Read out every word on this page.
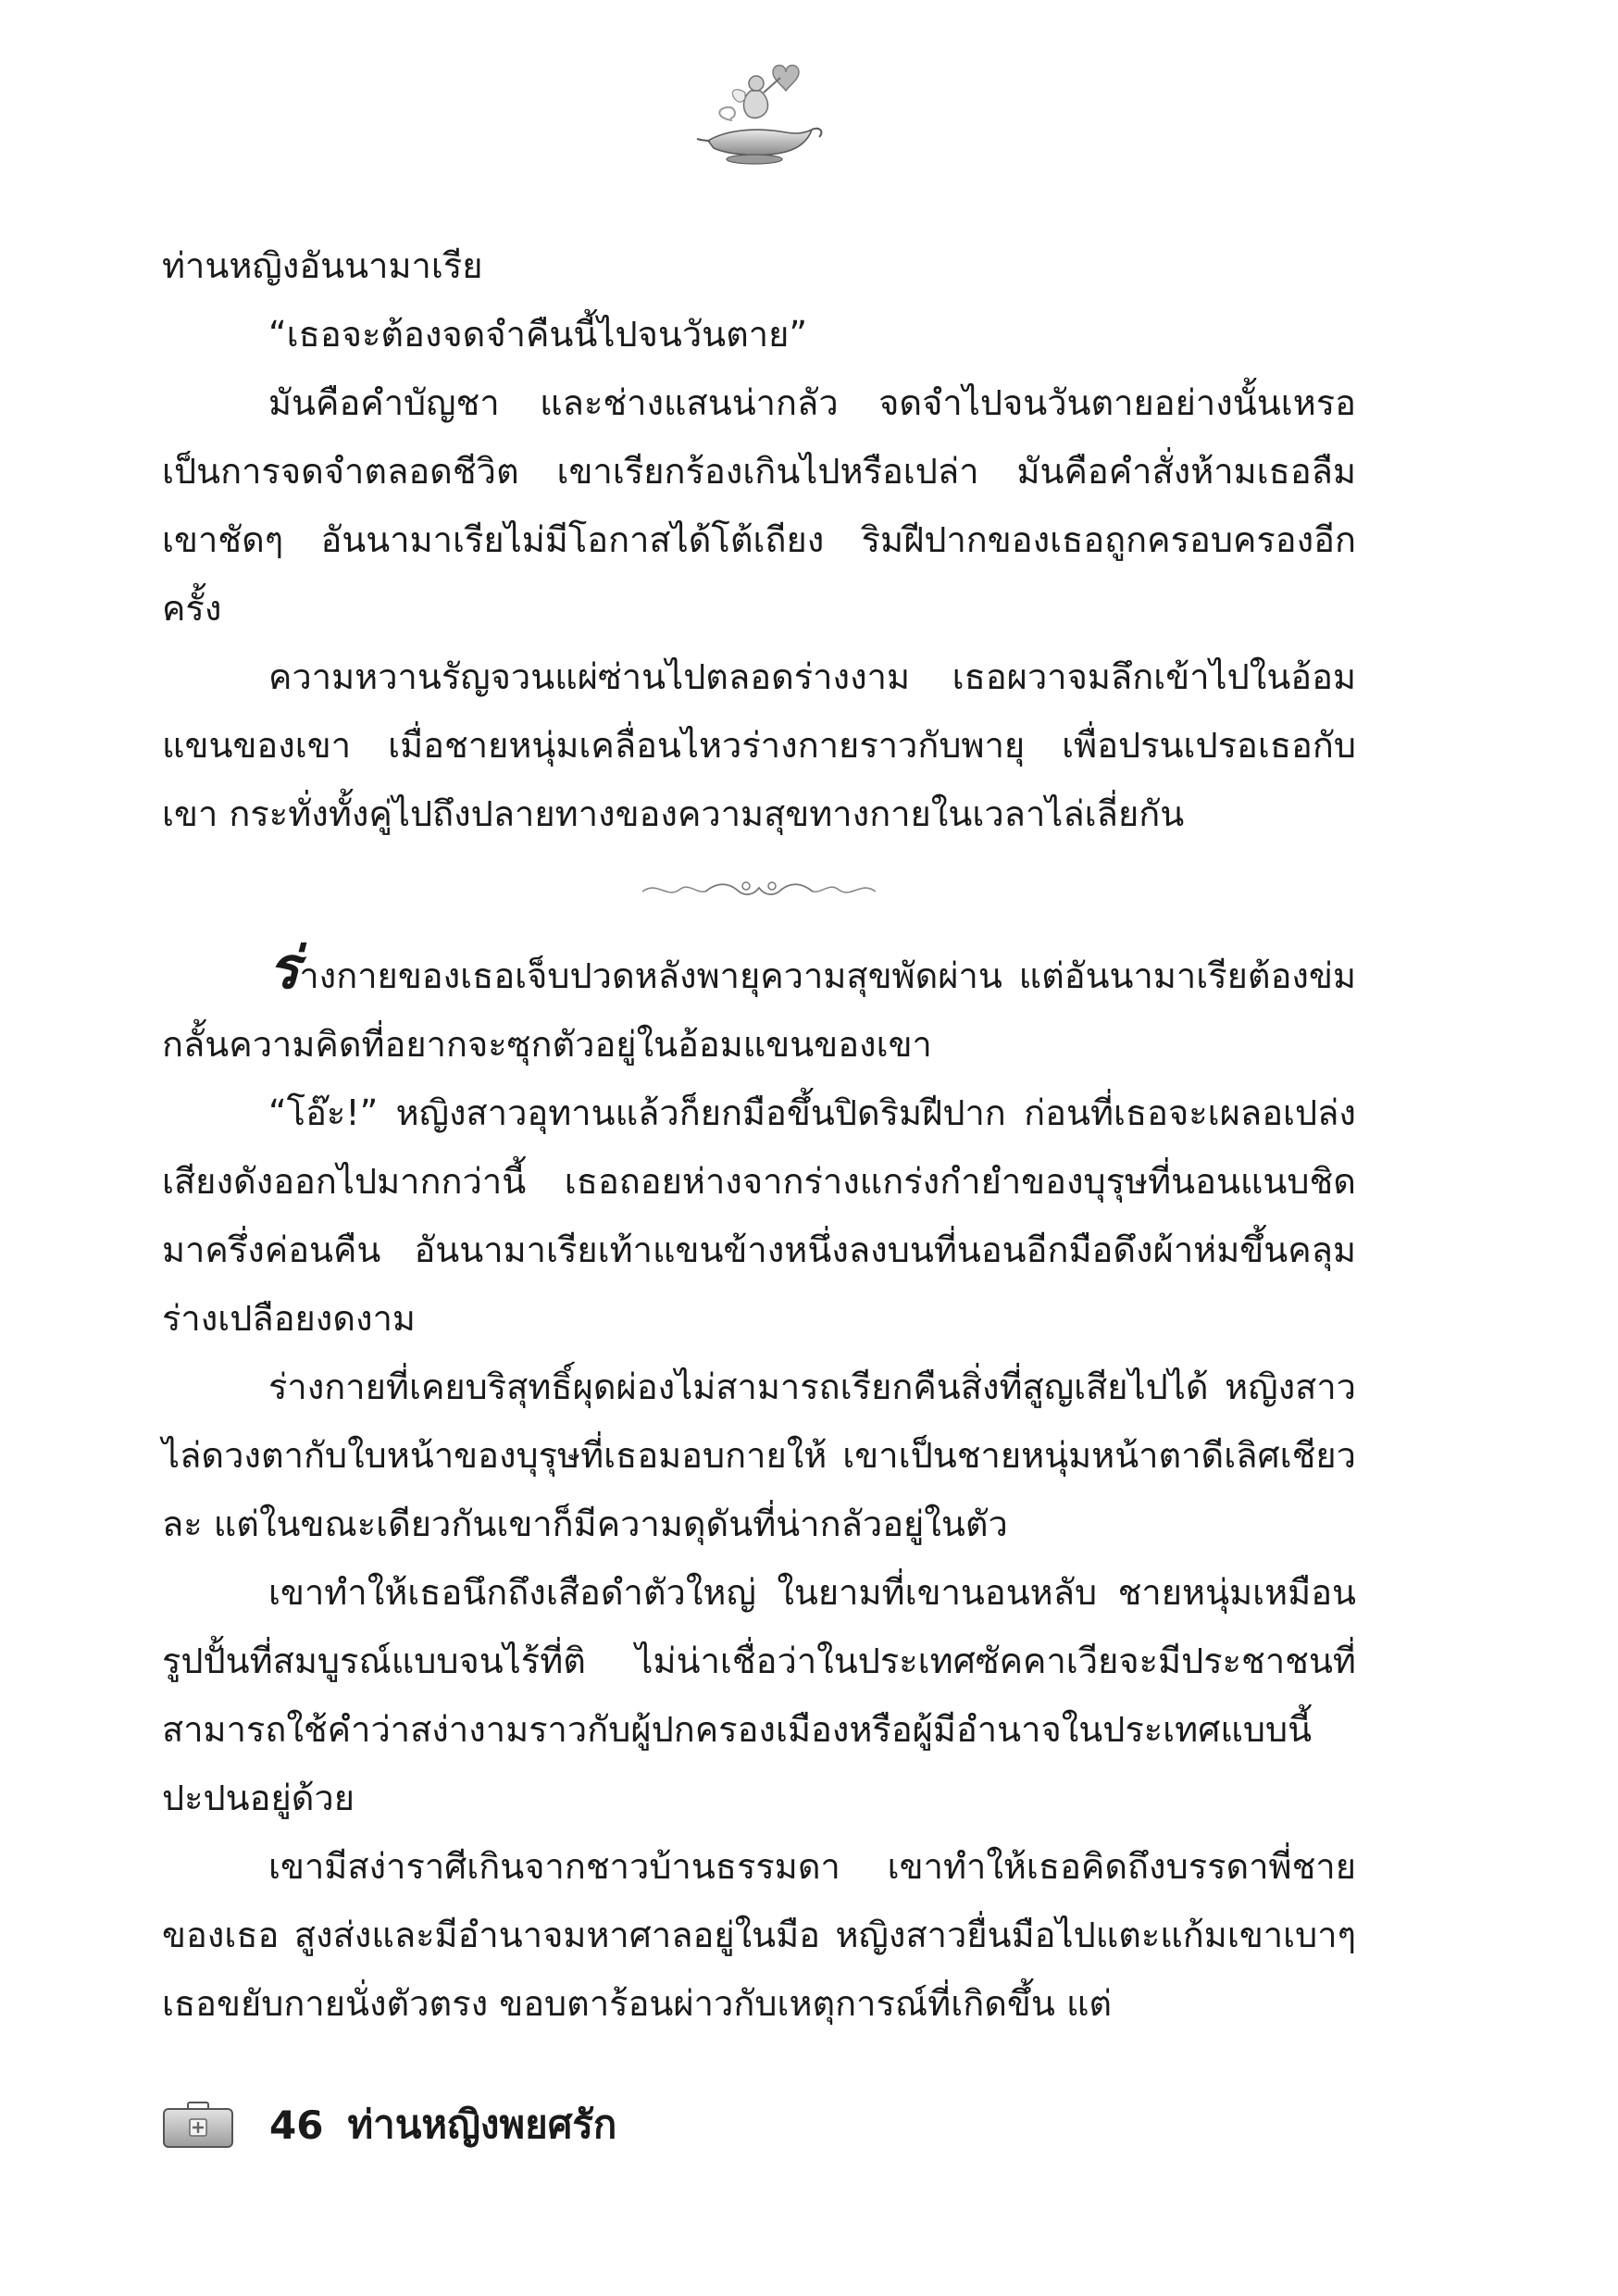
ท่านหญิงอันนามาเรีย

“เธอจะต้องจดจำคืนนี้ไปจนวันตาย”

มันคือคำบัญชา และช่างแสนน่ากลัว จดจำไปจนวันตายอย่างนั้นเหรอ เป็นการจดจำตลอดชีวิต เขาเรียกร้องเกินไปหรือเปล่า มันคือคำสั่งห้ามเธอลืมเขาชัดๆ อันนามาเรียไม่มีโอกาสได้โต้เถียง ริมฝีปากของเธอถูกครอบครองอีกครั้ง

ความหวานรัญจวนแผ่ซ่านไปตลอดร่างงาม เธอผวาจมลึกเข้าไปในอ้อมแขนของเขา เมื่อชายหนุ่มเคลื่อนไหวร่างกายราวกับพายุ เพื่อปรนเปรอเธอกับเขา กระทั่งทั้งคู่ไปถึงปลายทางของความสุขทางกายในเวลาไล่เลี่ยกัน

ร่างกายของเธอเจ็บปวดหลังพายุความสุขพัดผ่าน แต่อันนามาเรียต้องข่มกลั้นความคิดที่อยากจะซุกตัวอยู่ในอ้อมแขนของเขา

“โอ๊ะ!” หญิงสาวอุทานแล้วก็ยกมือขึ้นปิดริมฝีปาก ก่อนที่เธอจะเผลอเปล่งเสียงดังออกไปมากกว่านี้ เธอถอยห่างจากร่างแกร่งกำยำของบุรุษที่นอนแนบชิดมาครึ่งค่อนคืน อันนามาเรียเท้าแขนข้างหนึ่งลงบนที่นอนอีกมือดึงผ้าห่มขึ้นคลุมร่างเปลือยงดงาม

ร่างกายที่เคยบริสุทธิ์ผุดผ่องไม่สามารถเรียกคืนสิ่งที่สูญเสียไปได้ หญิงสาวไล่ดวงตากับใบหน้าของบุรุษที่เธอมอบกายให้ เขาเป็นชายหนุ่มหน้าตาดีเลิศเชียวละ แต่ในขณะเดียวกันเขาก็มีความดุดันที่น่ากลัวอยู่ในตัว

เขาทำให้เธอนึกถึงเสือดำตัวใหญ่ ในยามที่เขานอนหลับ ชายหนุ่มเหมือนรูปปั้นที่สมบูรณ์แบบจนไร้ที่ติ ไม่น่าเชื่อว่าในประเทศซัคคาเวียจะมีประชาชนที่สามารถใช้คำว่าสง่างามราวกับผู้ปกครองเมืองหรือผู้มีอำนาจในประเทศแบบนี้ปะปนอยู่ด้วย

เขามีสง่าราศีเกินจากชาวบ้านธรรมดา เขาทำให้เธอคิดถึงบรรดาพี่ชายของเธอ สูงส่งและมีอำนาจมหาศาลอยู่ในมือ หญิงสาวยื่นมือไปแตะแก้มเขาเบาๆ เธอขยับกายนั่งตัวตรง ขอบตาร้อนผ่าวกับเหตุการณ์ที่เกิดขึ้น แต่

46 ท่านหญิงพยศรัก
